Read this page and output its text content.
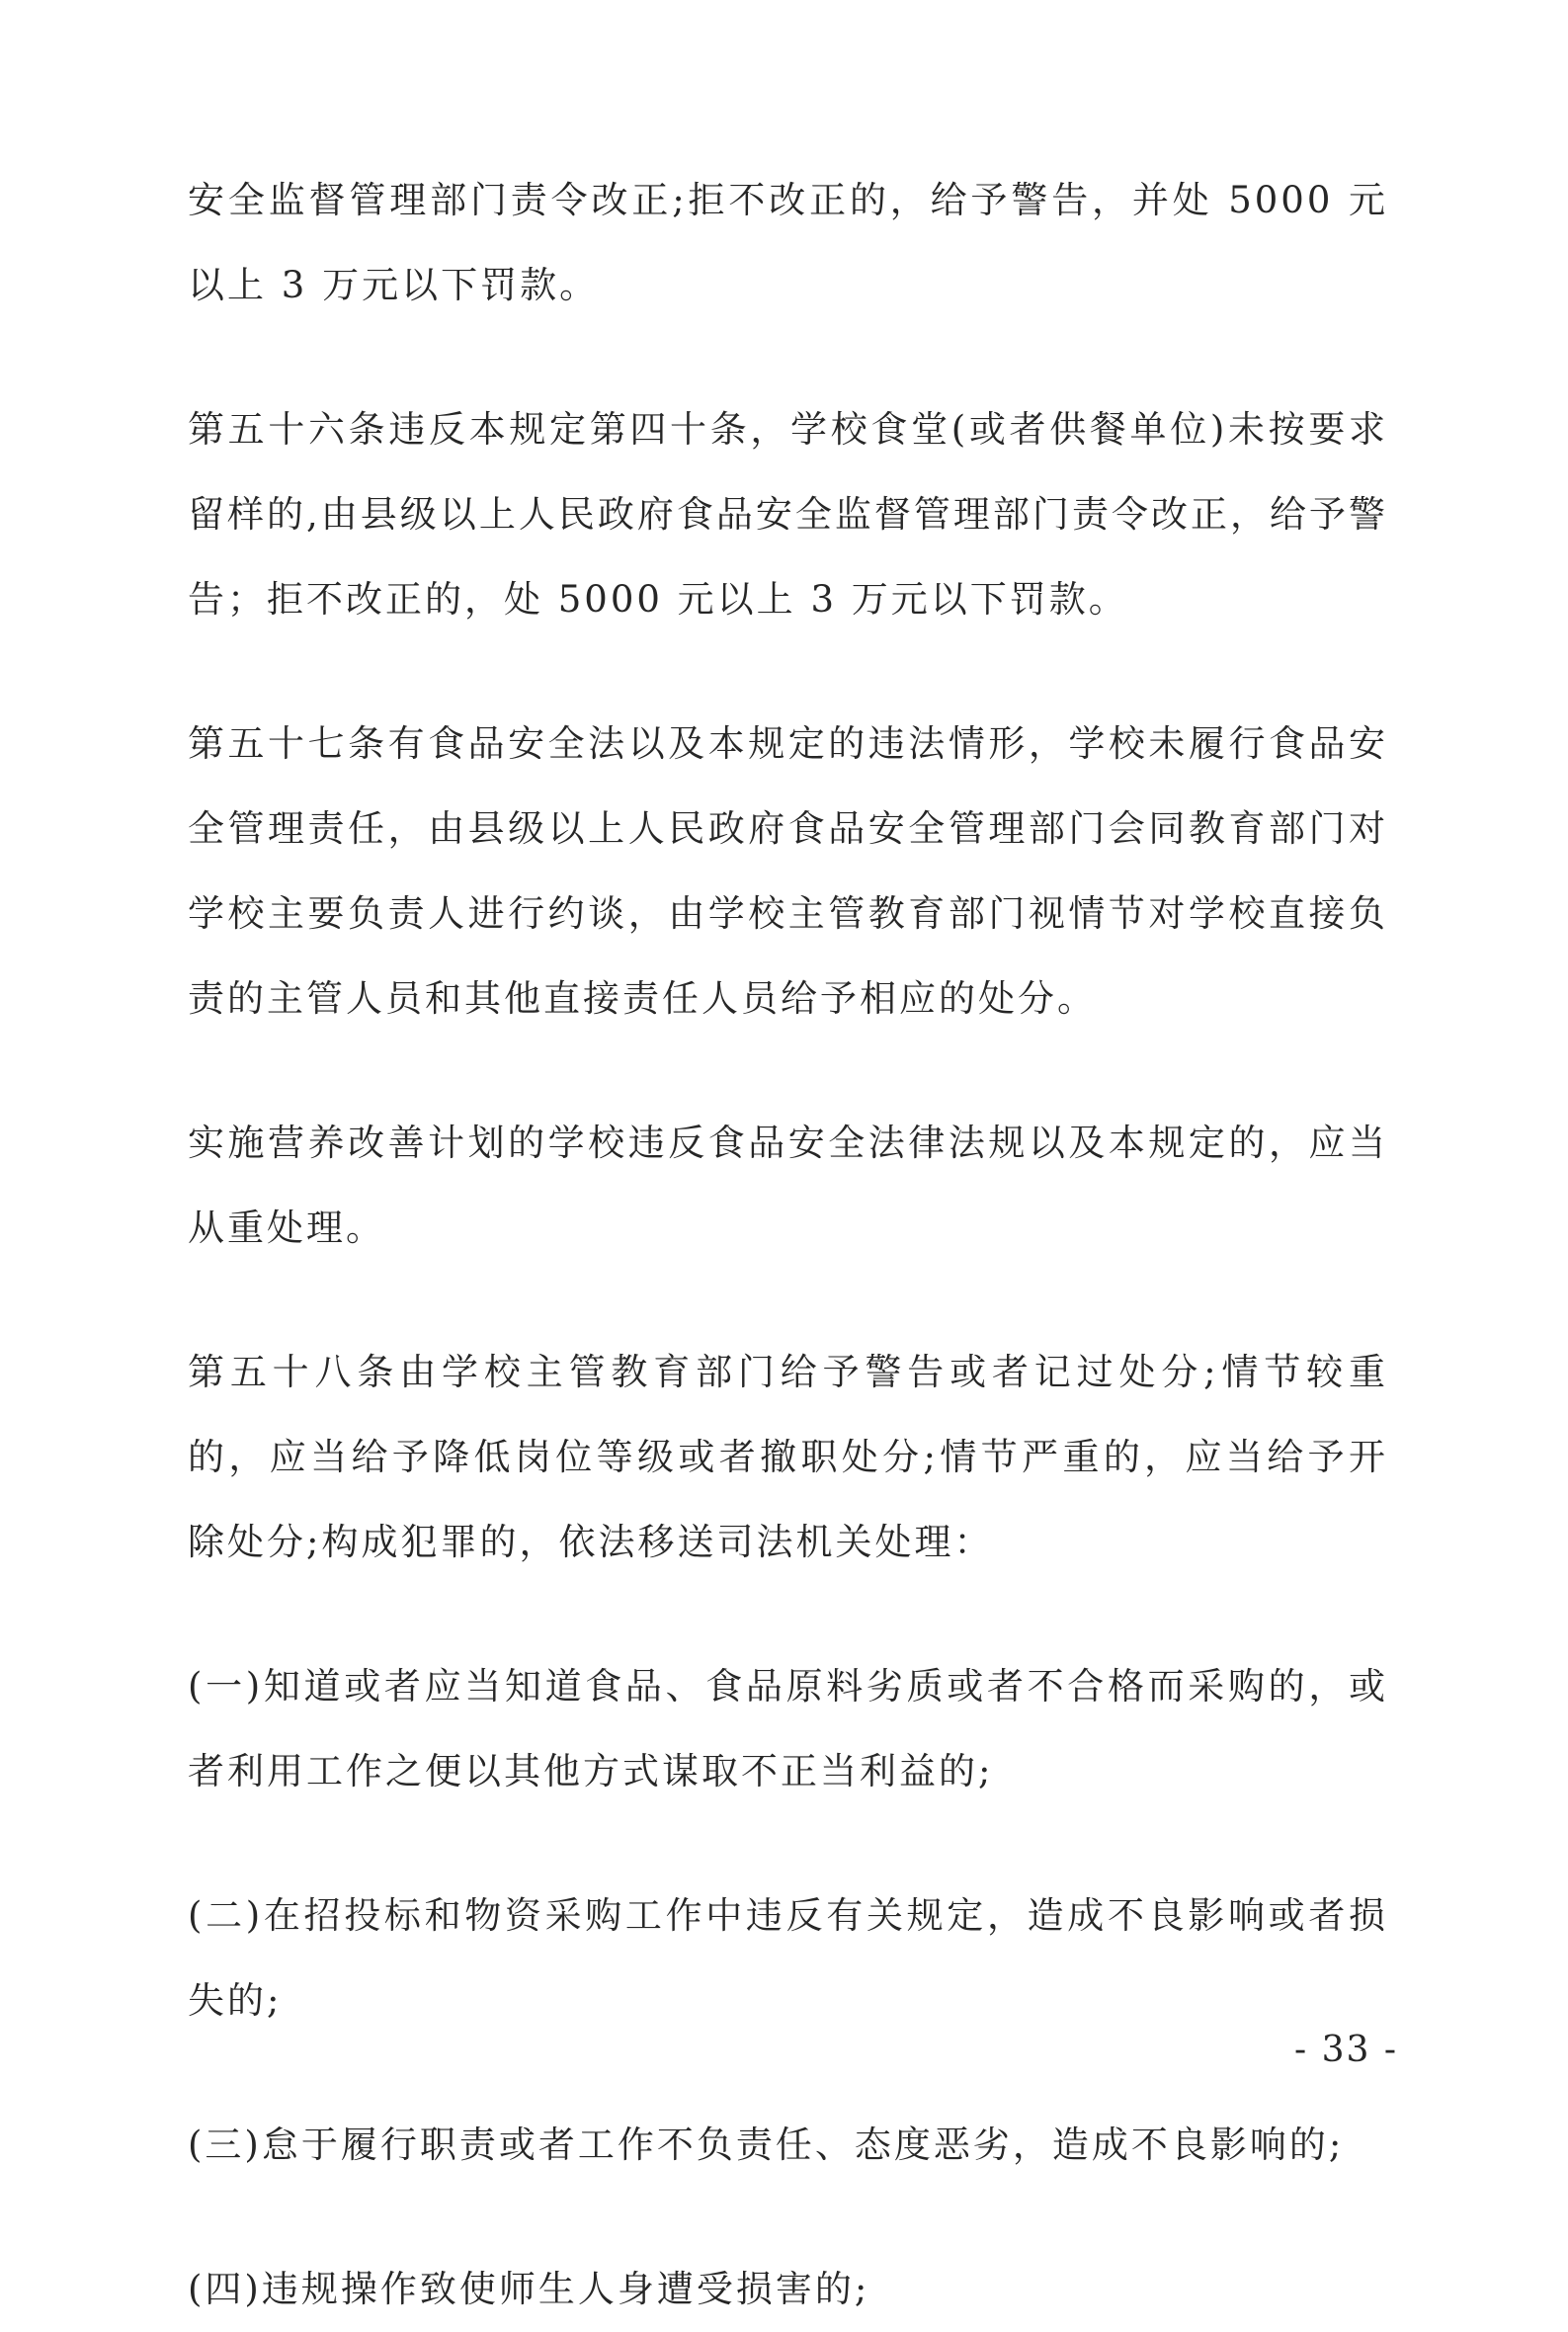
安全监督管理部门责令改正;拒不改正的，给予警告，并处 5000 元以上 3 万元以下罚款。

第五十六条违反本规定第四十条，学校食堂(或者供餐单位)未按要求留样的,由县级以上人民政府食品安全监督管理部门责令改正，给予警告；拒不改正的，处 5000 元以上 3 万元以下罚款。

第五十七条有食品安全法以及本规定的违法情形，学校未履行食品安全管理责任，由县级以上人民政府食品安全管理部门会同教育部门对学校主要负责人进行约谈，由学校主管教育部门视情节对学校直接负责的主管人员和其他直接责任人员给予相应的处分。

实施营养改善计划的学校违反食品安全法律法规以及本规定的，应当从重处理。

第五十八条由学校主管教育部门给予警告或者记过处分;情节较重的，应当给予降低岗位等级或者撤职处分;情节严重的，应当给予开除处分;构成犯罪的，依法移送司法机关处理：

(一)知道或者应当知道食品、食品原料劣质或者不合格而采购的，或者利用工作之便以其他方式谋取不正当利益的;

(二)在招投标和物资采购工作中违反有关规定，造成不良影响或者损失的;

(三)怠于履行职责或者工作不负责任、态度恶劣，造成不良影响的;

(四)违规操作致使师生人身遭受损害的;

- 33 -
